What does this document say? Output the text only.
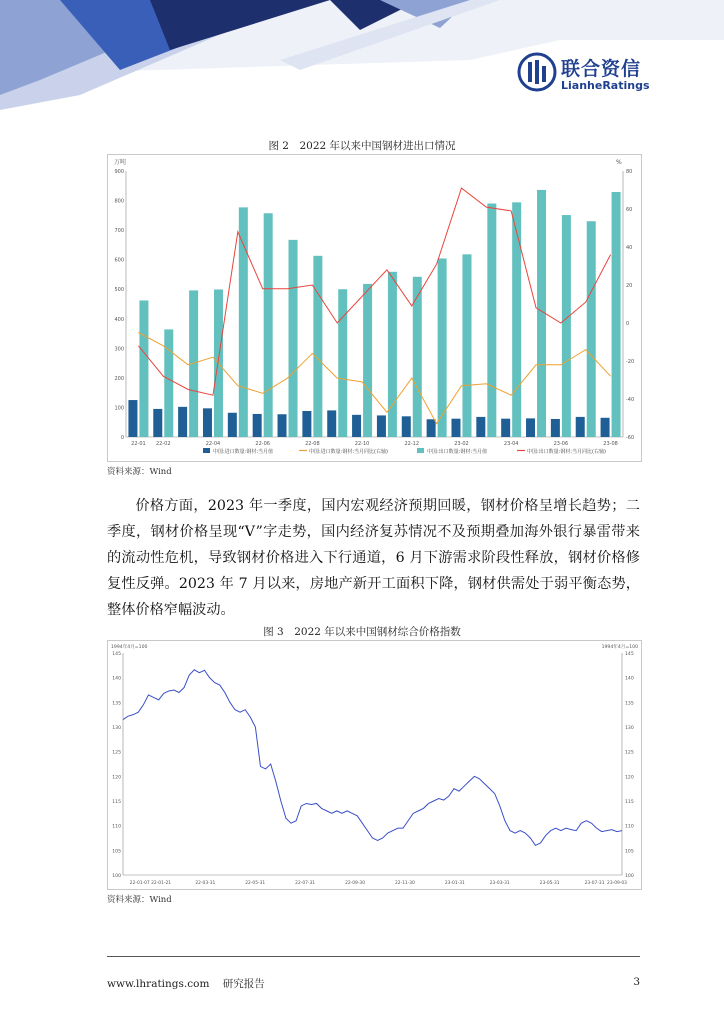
联合资信
LianheRatings
图 2　2022 年以来中国钢材进出口情况
万吨	%
0
100
200
300
400
500
600
700
800
900
-60
-40
-20
0
20
40
60
80
22-01 22-02	22-04	22-06	22-08	22-10	22-12	23-02	23-04	23-06	23-08
中国:进口数量:钢材:当月值	中国:进口数量:钢材:当月同比(右轴)	中国:出口数量:钢材:当月值	中国:出口数量:钢材:当月同比(右轴)
资料来源：Wind

价格方面，2023 年一季度，国内宏观经济预期回暖，钢材价格呈增长趋势；二季度，钢材价格呈现“V”字走势，国内经济复苏情况不及预期叠加海外银行暴雷带来的流动性危机，导致钢材价格进入下行通道，6 月下游需求阶段性释放，钢材价格修复性反弹。2023 年 7 月以来，房地产新开工面积下降，钢材供需处于弱平衡态势，整体价格窄幅波动。

图 3　2022 年以来中国钢材综合价格指数
1994年4月=100	1994年4月=100
100	100
105	105
110	110
115	115
120	120
125	125
130	130
135	135
140	140
145	145
22-01-07 22-01-21	22-03-31	22-05-31	22-07-31	22-09-30	22-11-30	23-01-31	23-03-31	23-05-31	23-07-31 23-09-03
资料来源：Wind
www.lhratings.com 研究报告	3
